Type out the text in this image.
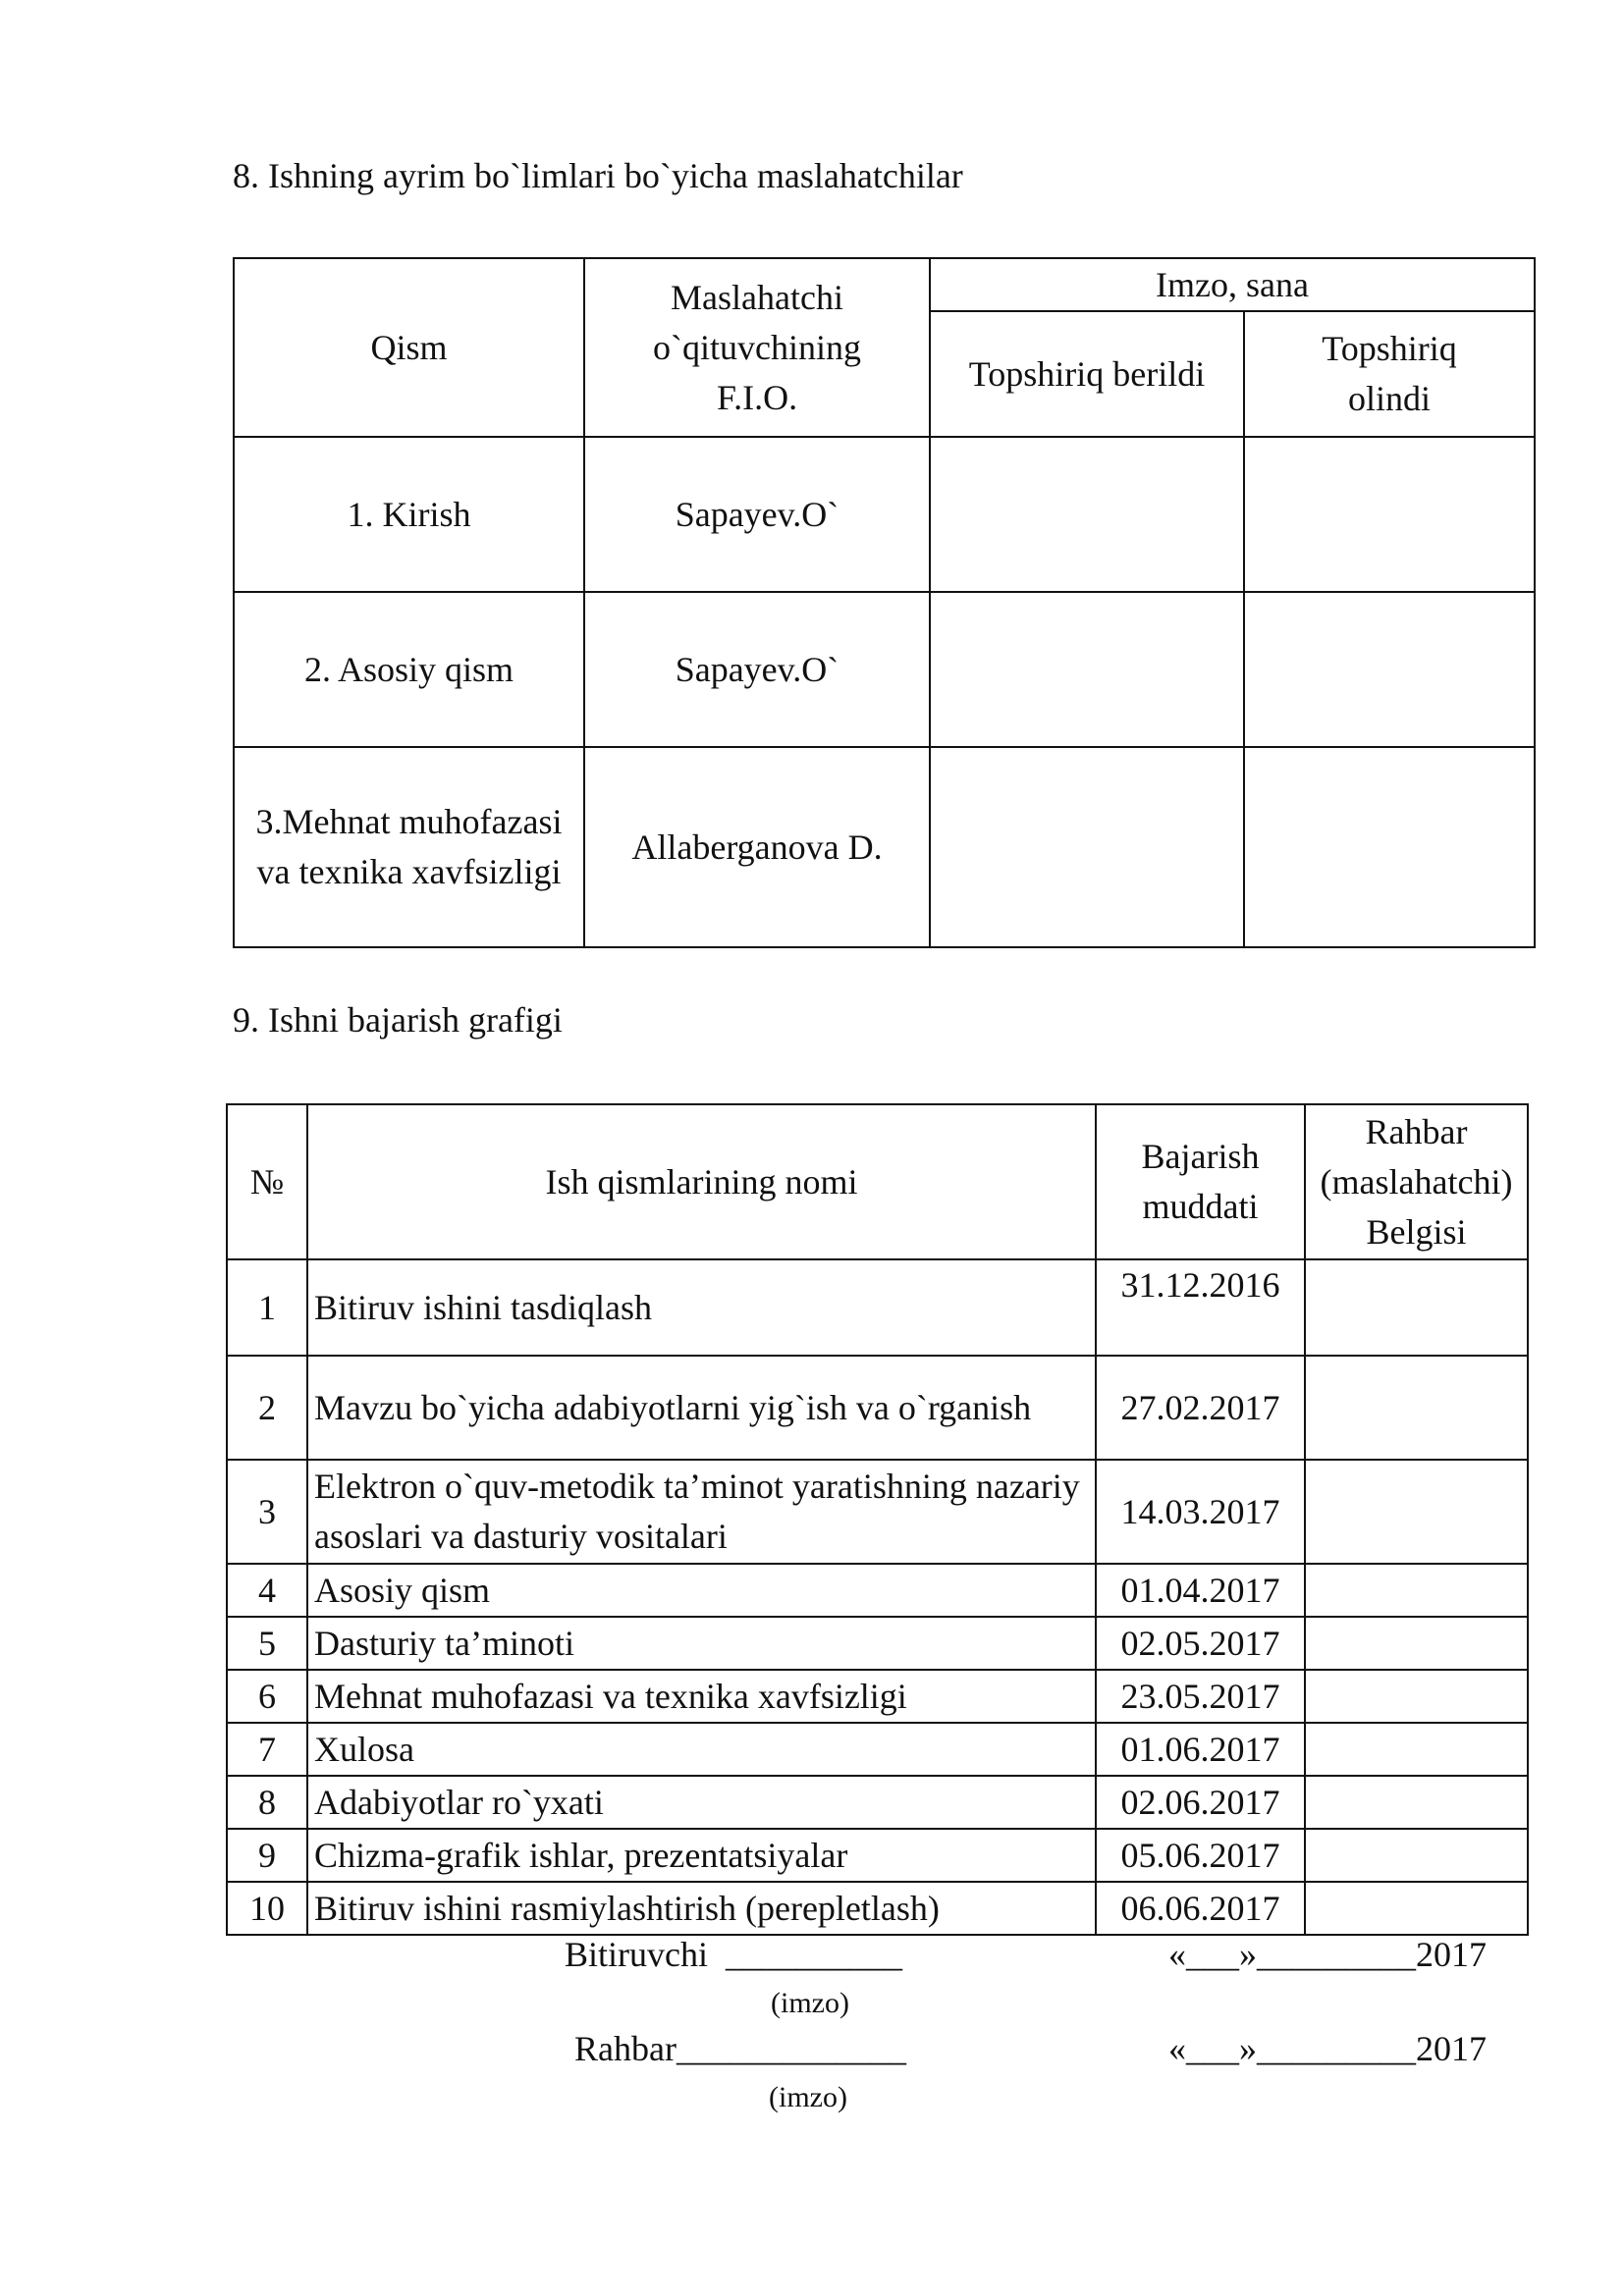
8. Ishning ayrim bo`limlari bo`yicha maslahatchilar
Qism	Maslahatchi o`qituvchining F.I.O.	Imzo, sana	
		Topshiriq berildi	Topshiriq olindi
1. Kirish	Sapayev.O`		
2. Asosiy qism	Sapayev.O`		
3.Mehnat muhofazasi va texnika xavfsizligi	Allaberganova D.		
9. Ishni bajarish grafigi
№	Ish qismlarining nomi	Bajarish muddati	Rahbar (maslahatchi) Belgisi
1	Bitiruv ishini tasdiqlash	31.12.2016	
2	Mavzu bo`yicha adabiyotlarni yig`ish va o`rganish	27.02.2017	
3	Elektron o`quv-metodik ta’minot yaratishning nazariy asoslari va dasturiy vositalari	14.03.2017	
4	Asosiy qism	01.04.2017	
5	Dasturiy ta’minoti	02.05.2017	
6	Mehnat muhofazasi va texnika xavfsizligi	23.05.2017	
7	Xulosa	01.06.2017	
8	Adabiyotlar ro`yxati	02.06.2017	
9	Chizma-grafik ishlar, prezentatsiyalar	05.06.2017	
10	Bitiruv ishini rasmiylashtirish (perepletlash)	06.06.2017	
Bitiruvchi  __________	«___»_________2017
(imzo)
Rahbar_____________	«___»_________2017
(imzo)
